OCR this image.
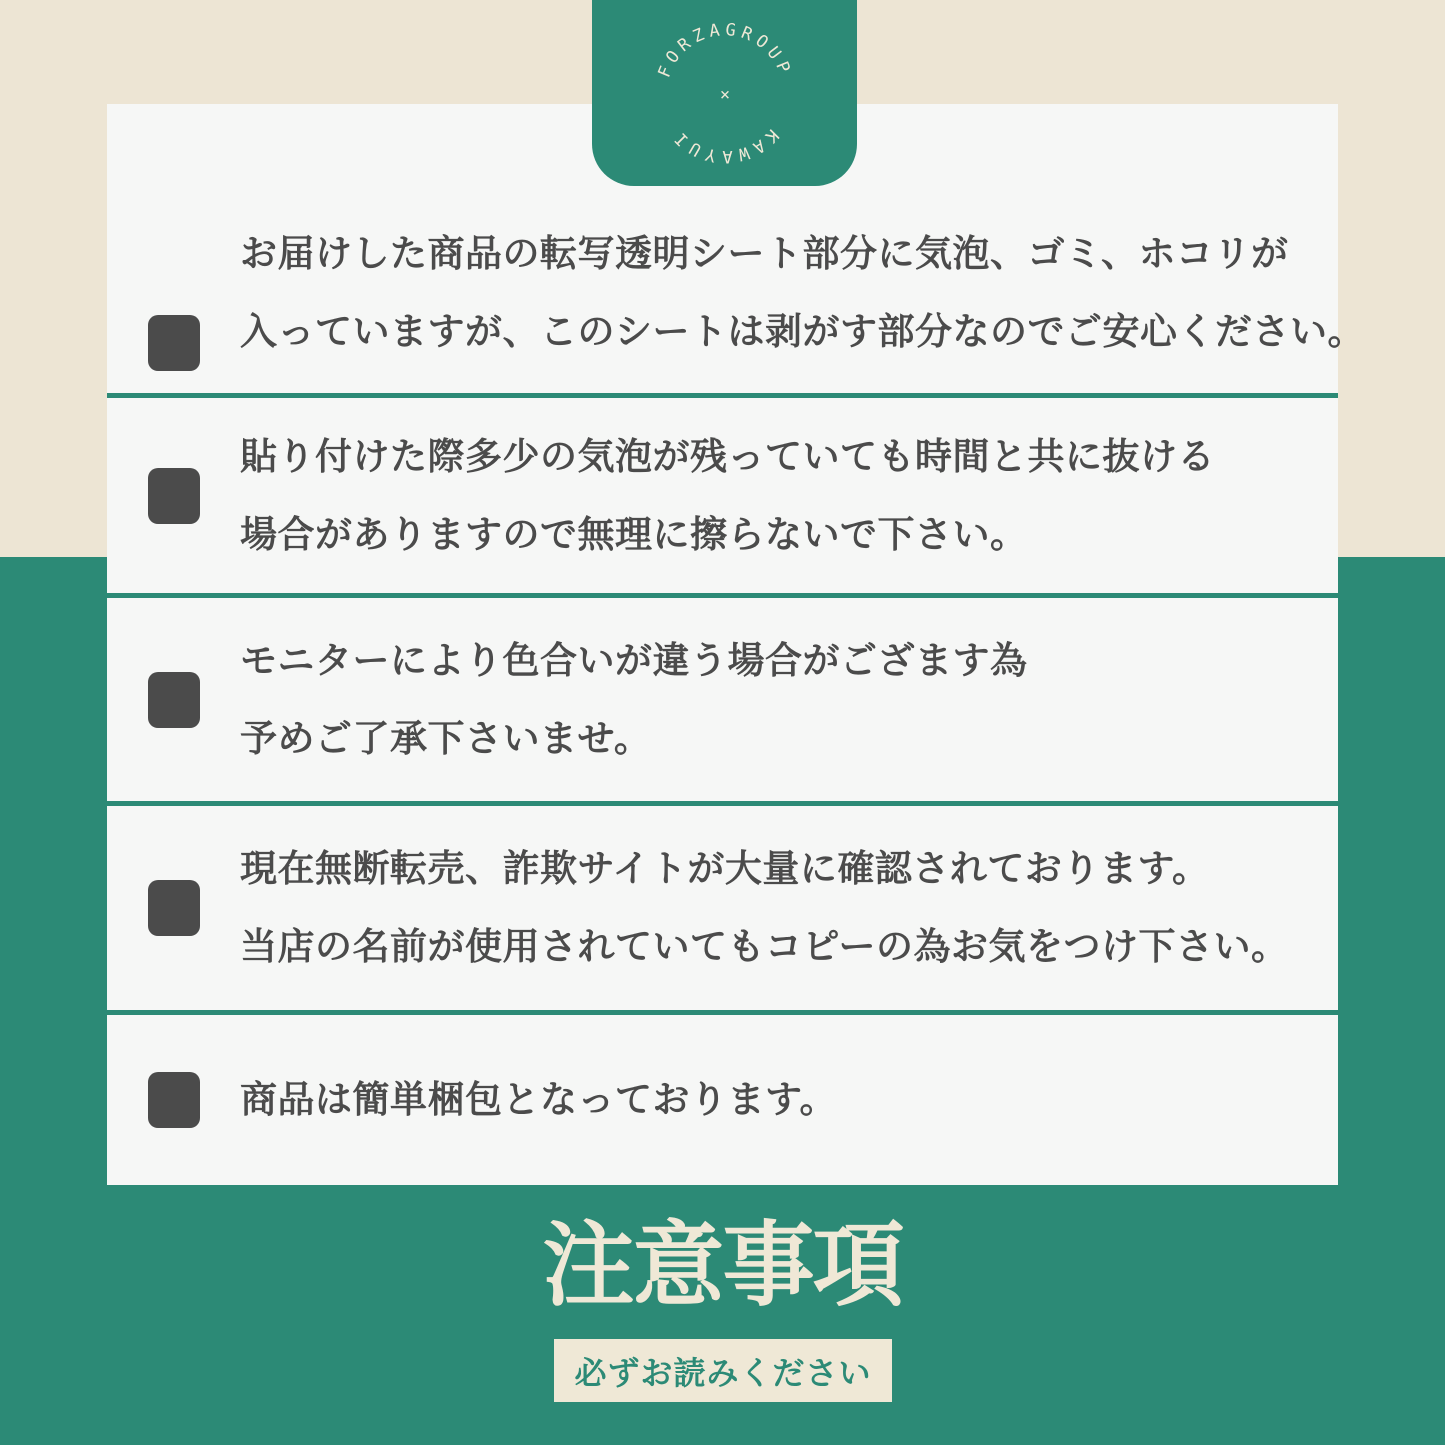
お届けした商品の転写透明シート部分に気泡、ゴミ、ホコリが
入っていますが、このシートは剥がす部分なのでご安心ください。
貼り付けた際多少の気泡が残っていても時間と共に抜ける
場合がありますので無理に擦らないで下さい。
モニターにより色合いが違う場合がござます為
予めご了承下さいませ。
現在無断転売、詐欺サイトが大量に確認されております。
当店の名前が使用されていてもコピーの為お気をつけ下さい。
商品は簡単梱包となっております。
FORZAGROUP
KAWAYUI
×
注意事項
必ずお読みください
